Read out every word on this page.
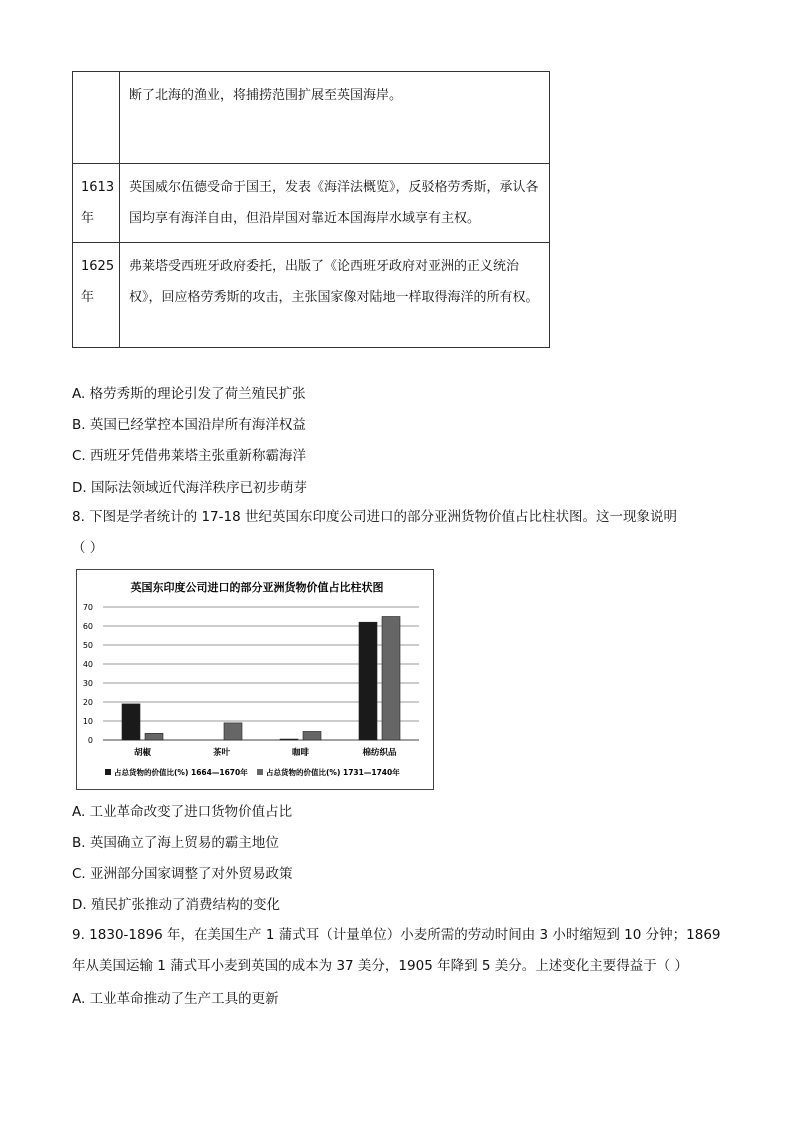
	断了北海的渔业，将捕捞范围扩展至英国海岸。
1613年	英国威尔伍德受命于国王，发表《海洋法概览》，反驳格劳秀斯，承认各国均享有海洋自由，但沿岸国对靠近本国海岸水域享有主权。
1625年	弗莱塔受西班牙政府委托，出版了《论西班牙政府对亚洲的正义统治权》，回应格劳秀斯的攻击，主张国家像对陆地一样取得海洋的所有权。
A. 格劳秀斯的理论引发了荷兰殖民扩张
B. 英国已经掌控本国沿岸所有海洋权益
C. 西班牙凭借弗莱塔主张重新称霸海洋
D. 国际法领域近代海洋秩序已初步萌芽
8. 下图是学者统计的 17-18 世纪英国东印度公司进口的部分亚洲货物价值占比柱状图。这一现象说明
（ ）
英国东印度公司进口的部分亚洲货物价值占比柱状图
0
10
20
30
40
50
60
70
胡椒	茶叶	咖啡	棉纺织品
占总货物的价值比(%) 1664—1670年 占总货物的价值比(%) 1731—1740年
A. 工业革命改变了进口货物价值占比
B. 英国确立了海上贸易的霸主地位
C. 亚洲部分国家调整了对外贸易政策
D. 殖民扩张推动了消费结构的变化
9. 1830-1896 年，在美国生产 1 蒲式耳（计量单位）小麦所需的劳动时间由 3 小时缩短到 10 分钟；1869
年从美国运输 1 蒲式耳小麦到英国的成本为 37 美分，1905 年降到 5 美分。上述变化主要得益于（ ）
A. 工业革命推动了生产工具的更新
